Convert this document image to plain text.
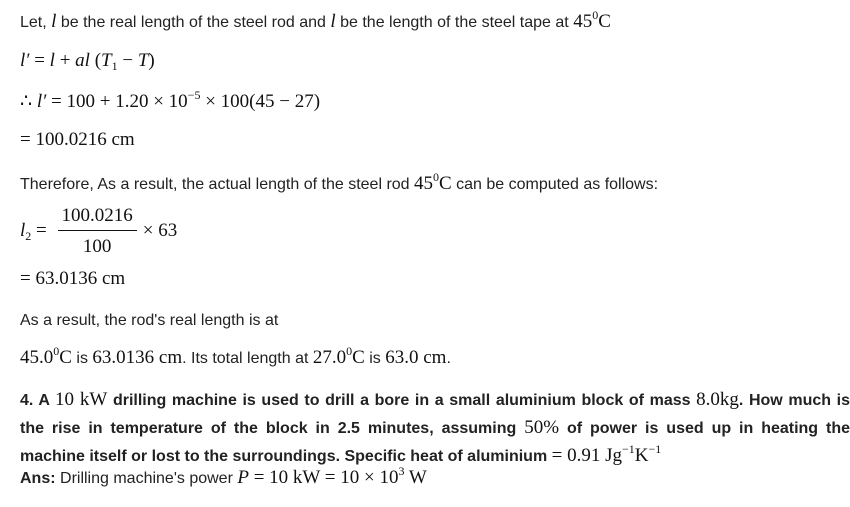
Let, l be the real length of the steel rod and l be the length of the steel tape at $45^0C$
l′ = l + al $(T_1 - T)$
∴ $l' = 100 + 1.20 \times 10^{-5} \times 100(45 - 27)$
= 100.0216 cm
Therefore, As a result, the actual length of the steel rod $45^0C$ can be computed as follows:
$l_2 = \frac{100.0216}{100} \times 63$
= 63.0136 cm
As a result, the rod's real length is at
45.0$^0$C is 63.0136 cm. Its total length at 27.0$^0$C is 63.0 cm.
4. A 10 kW drilling machine is used to drill a bore in a small aluminium block of mass 8.0kg. How much is the rise in temperature of the block in 2.5 minutes, assuming 50% of power is used up in heating the machine itself or lost to the surroundings. Specific heat of aluminium = 0.91 $Jg^{-1}K^{-1}$
Ans: Drilling machine's power P = 10 kW = $10 \times 10^3$ W
